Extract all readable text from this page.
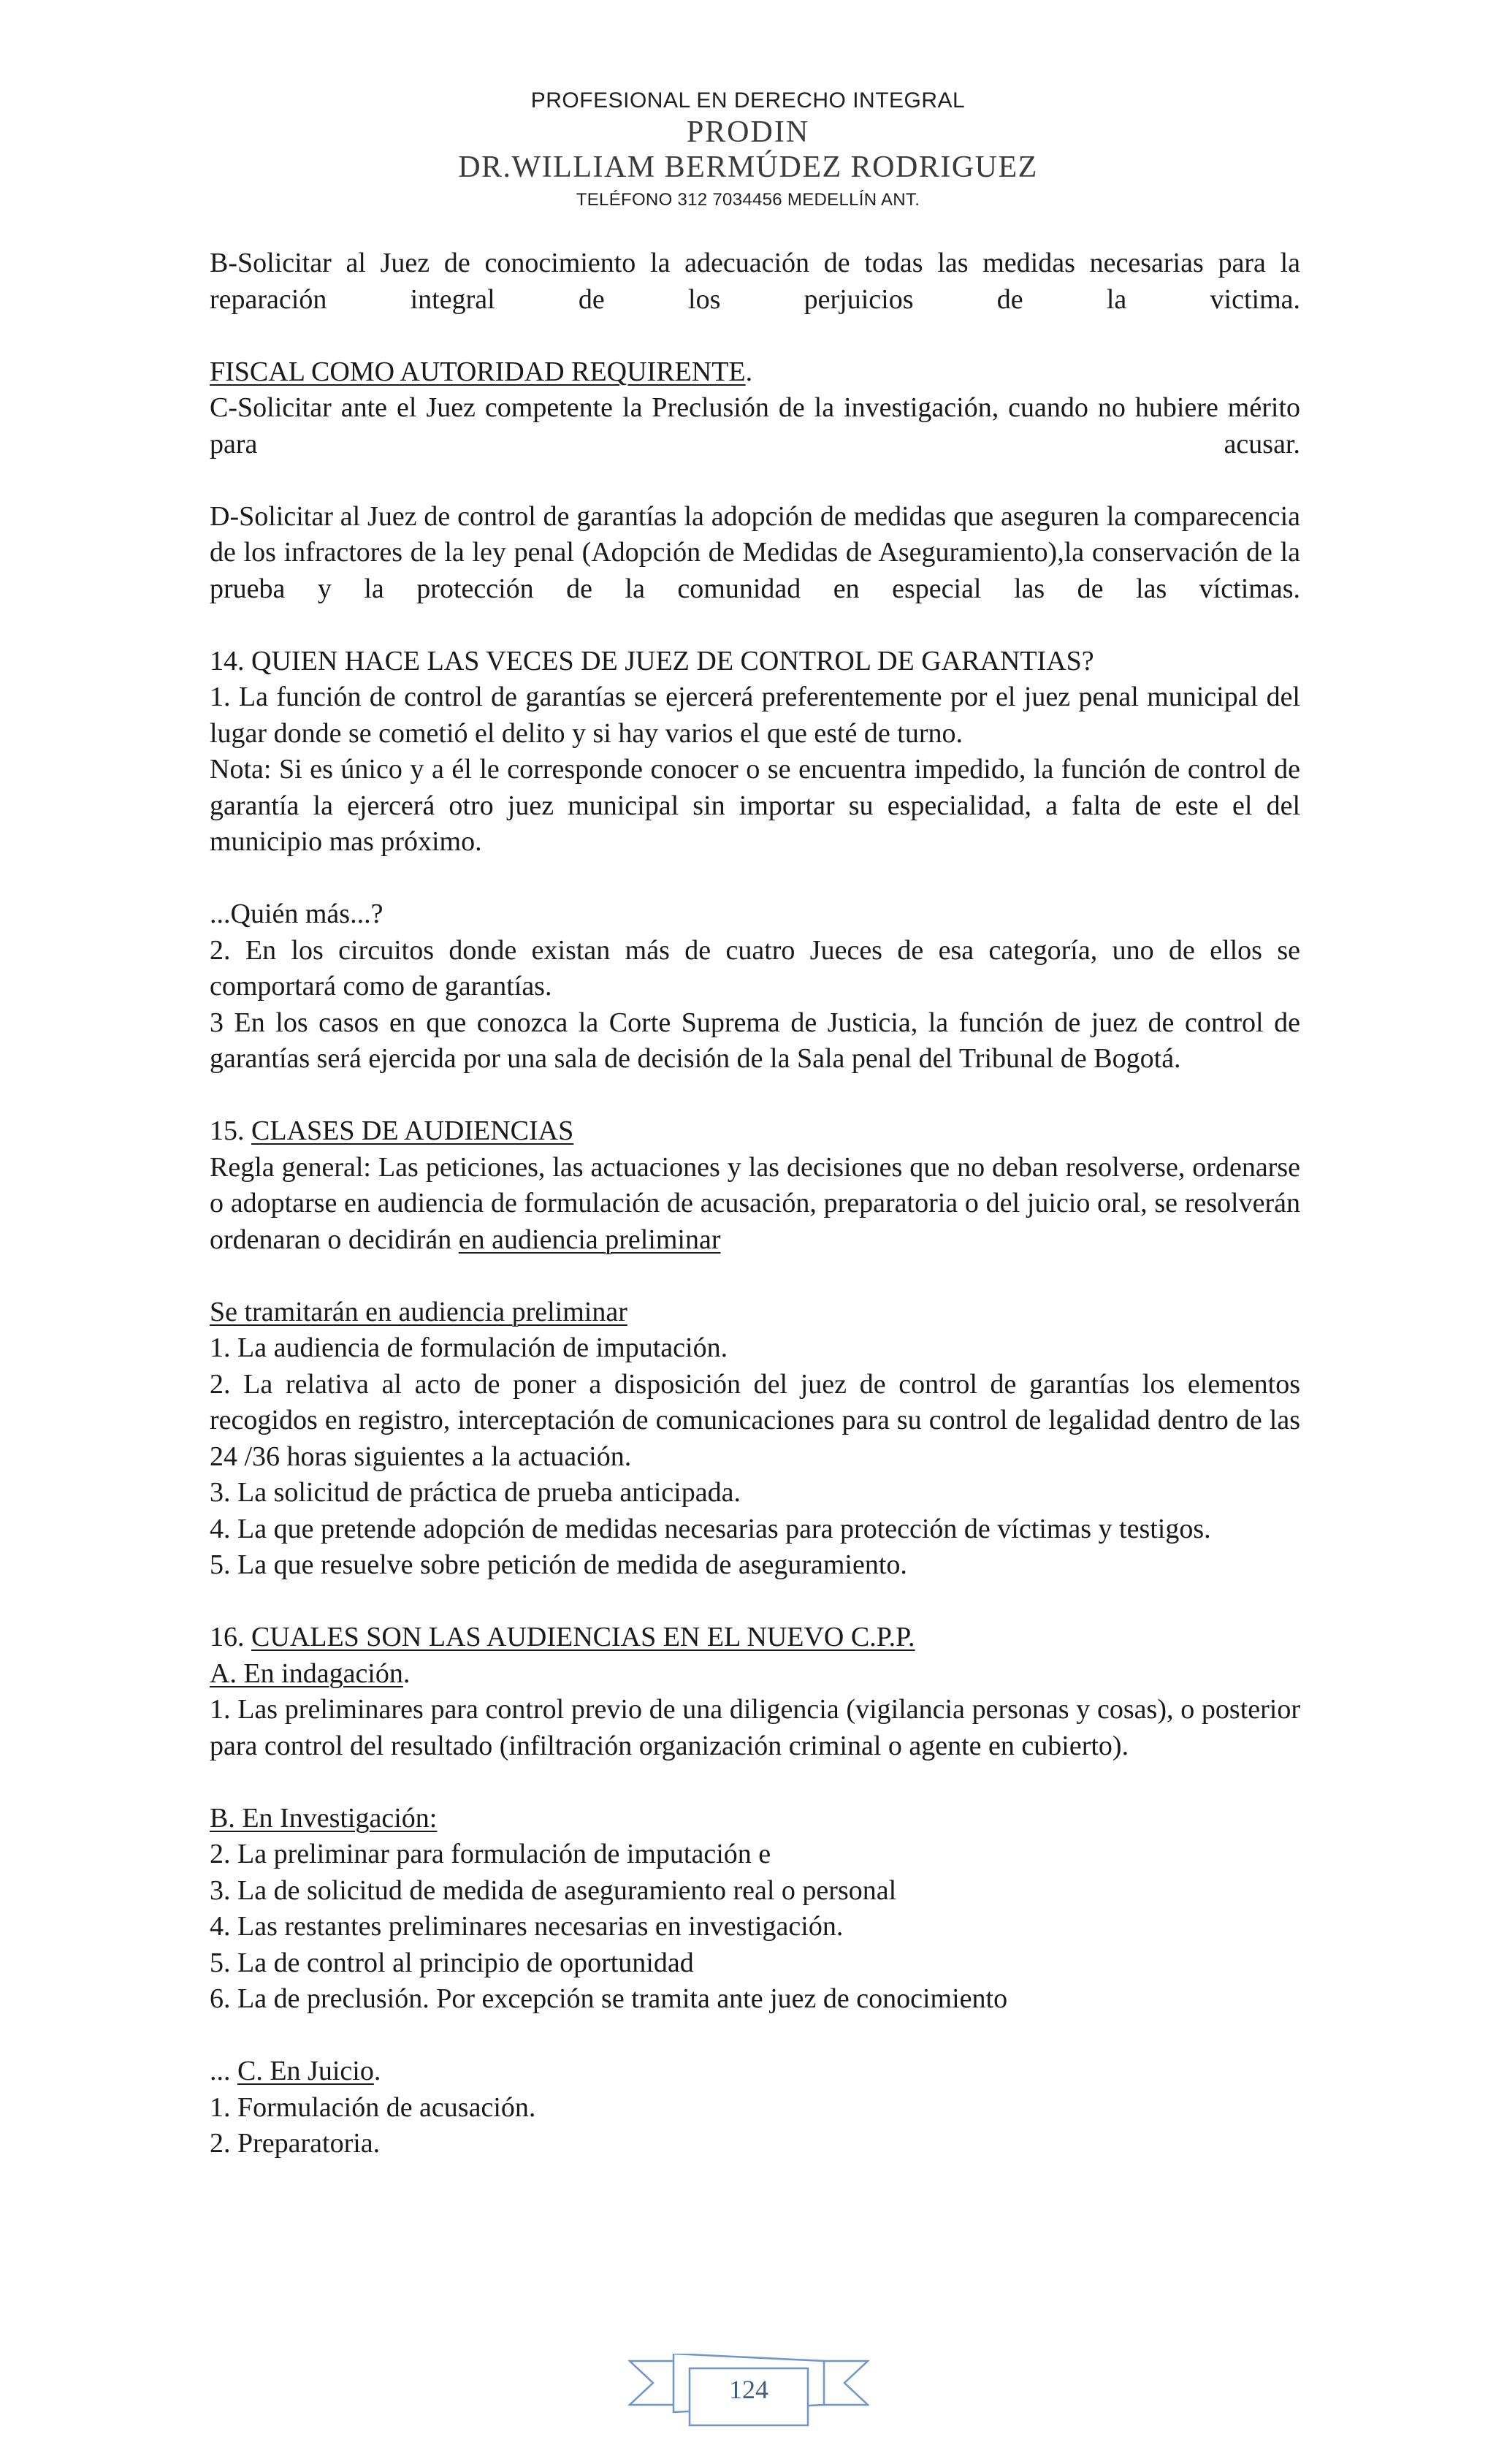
PROFESIONAL EN DERECHO INTEGRAL
PRODIN
DR.WILLIAM BERMÚDEZ RODRIGUEZ
TELÉFONO 312 7034456 MEDELLÍN ANT.

B-Solicitar al Juez de conocimiento la adecuación de todas las medidas necesarias para la reparación integral de los perjuicios de la victima.

FISCAL COMO AUTORIDAD REQUIRENTE.

C-Solicitar ante el Juez competente la Preclusión de la investigación, cuando no hubiere mérito para acusar.

D-Solicitar al Juez de control de garantías la adopción de medidas que aseguren la comparecencia de los infractores de la ley penal (Adopción de Medidas de Aseguramiento),la conservación de la prueba y la protección de la comunidad en especial las de las víctimas.

14. QUIEN HACE LAS VECES DE JUEZ DE CONTROL DE GARANTIAS?

1. La función de control de garantías se ejercerá preferentemente por el juez penal municipal del lugar donde se cometió el delito y si hay varios el que esté de turno.

Nota: Si es único y a él le corresponde conocer o se encuentra impedido, la función de control de garantía la ejercerá otro juez municipal sin importar su especialidad, a falta de este el del municipio mas próximo.

...Quién más...?

2. En los circuitos donde existan más de cuatro Jueces de esa categoría, uno de ellos se comportará como de garantías.

3 En los casos en que conozca la Corte Suprema de Justicia, la función de juez de control de garantías será ejercida por una sala de decisión de la Sala penal del Tribunal de Bogotá.

15. CLASES DE AUDIENCIAS

Regla general: Las peticiones, las actuaciones y las decisiones que no deban resolverse, ordenarse o adoptarse en audiencia de formulación de acusación, preparatoria o del juicio oral, se resolverán ordenaran o decidirán en audiencia preliminar

Se tramitarán en audiencia preliminar

1. La audiencia de formulación de imputación.

2. La relativa al acto de poner a disposición del juez de control de garantías los elementos recogidos en registro, interceptación de comunicaciones para su control de legalidad dentro de las 24 /36 horas siguientes a la actuación.

3. La solicitud de práctica de prueba anticipada.

4. La que pretende adopción de medidas necesarias para protección de víctimas y testigos.

5. La que resuelve sobre petición de medida de aseguramiento.

16. CUALES SON LAS AUDIENCIAS EN EL NUEVO C.P.P.

A. En indagación.

1. Las preliminares para control previo de una diligencia (vigilancia personas y cosas), o posterior para control del resultado (infiltración organización criminal o agente en cubierto).

B. En Investigación:

2. La preliminar para formulación de imputación e

3. La de solicitud de medida de aseguramiento real o personal

4. Las restantes preliminares necesarias en investigación.

5. La de control al principio de oportunidad

6. La de preclusión. Por excepción se tramita ante juez de conocimiento

... C. En Juicio.

1. Formulación de acusación.

2. Preparatoria.

124
